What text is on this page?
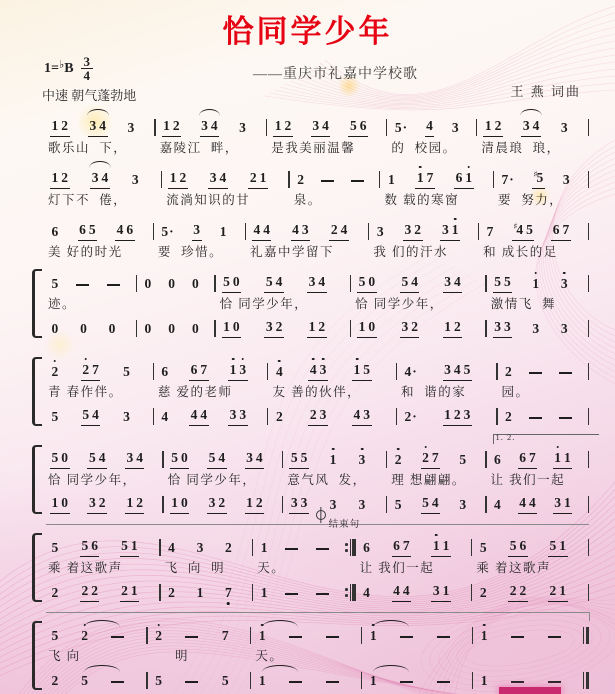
恰同学少年
1= ♭ B $\frac{3}{4}$	——重庆市礼嘉中学校歌
王 燕 词曲
中速 朝气蓬勃地
1 2 3 4 3
歌乐山  下，
1 2 3 4 3
嘉陵江  畔，
1 2 3 4 5 6
是我美丽温馨
5· 4 3
的  校园。
1 2 3 4 3
清晨琅  琅，
1 2 3 4 3
灯下不  倦，
1 2 3 4 2 1
流淌知识的甘
2
泉。
1 1 7 6 1
数 载的寒窗
7· ♯5 3
要  努力，
6 6 5 4 6
美 好的时光
5· 3 1
要  珍惜。
4 4 4 3 2 4
礼嘉中学留下
3 3 2 3 1
我 们的汗水
7 ♯4 5 6 7
和 成长的足
5
迹。
0 0 0
0 0 0
0 0 0
5 0 5 4 3 4
恰 同学少年，
1 0 3 2 1 2
5 0 5 4 3 4
恰 同学少年，
1 0 3 2 1 2
5 5 1 3
激情飞  舞
3 3 3 3
2 2 7 5
青 春作伴。
5 5 4 3
6 6 7 1 3
慈 爱的老师
4 4 4 3 3
4 4 3 1 5
友 善的伙伴，
2 2 3 4 3
4· 3 4 5
和  谐的家
2· 1 2 3
2
园。
2
5 0 5 4 3 4
恰 同学少年，
1 0 3 2 1 2
5 0 5 4 3 4
恰 同学少年，
1 0 3 2 1 2
5 5 1 3
意气风  发，
3 3 3 3
2 2 7 5
理 想翩翩。
5 5 4 3
6 6 7 1 1
让 我们一起
4 4 4 3 1
1. 2.
5 5 6 5 1
乘 着这歌声
2 2 2 2 1
4 3 2
飞  向  明
2 1 7
1
天。
1
6 6 7 1 1
让 我们一起
4 4 4 3 1
结束句
5 5 6 5 1
乘 着这歌声
2 2 2 2 1
5 2
飞 向
2 5
2	7
　  明
5	5
1
天。
1
1
1
1
1
